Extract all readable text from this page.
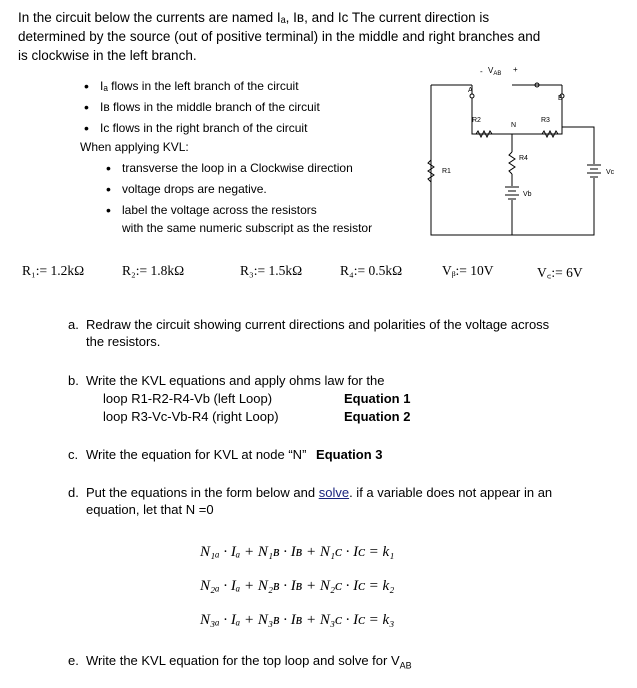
In the circuit below the currents are named Iₐ, Iʙ, and Iᴄ The current direction is
determined by the source (out of positive terminal) in the middle and right branches and
is clockwise in the left branch.
• Iₐ flows in the left branch of the circuit
• Iʙ flows in the middle branch of the circuit
• Iᴄ flows in the right branch of the circuit
When applying KVL:
• transverse the loop in a Clockwise direction
• voltage drops are negative.
• label the voltage across the resistors
with the same numeric subscript as the resistor
$V_{AB}$
-	+
A
B
N
R1
R2	R3
R4
Vb
Vc
R₁:= 1.2kΩ	R₂:= 1.8kΩ	R₃:= 1.5kΩ	R₄:= 0.5kΩ	Vᵦ:= 10V	V꜀:= 6V
a. Redraw the circuit showing current directions and polarities of the voltage across
the resistors.
b. Write the KVL equations and apply ohms law for the
loop R1-R2-R4-Vb (left Loop)	Equation 1
loop R3-Vc-Vb-R4 (right Loop)	Equation 2
c. Write the equation for KVL at node “N” Equation 3
d. Put the equations in the form below and solve. if a variable does not appear in an
equation, let that N =0
N₁ₐ · Iₐ + N₁ʙ · Iʙ + N₁ᴄ · Iᴄ = k₁
N₂ₐ · Iₐ + N₂ʙ · Iʙ + N₂ᴄ · Iᴄ = k₂
N₃ₐ · Iₐ + N₃ʙ · Iʙ + N₃ᴄ · Iᴄ = k₃
e. Write the KVL equation for the top loop and solve for $V_{AB}$
